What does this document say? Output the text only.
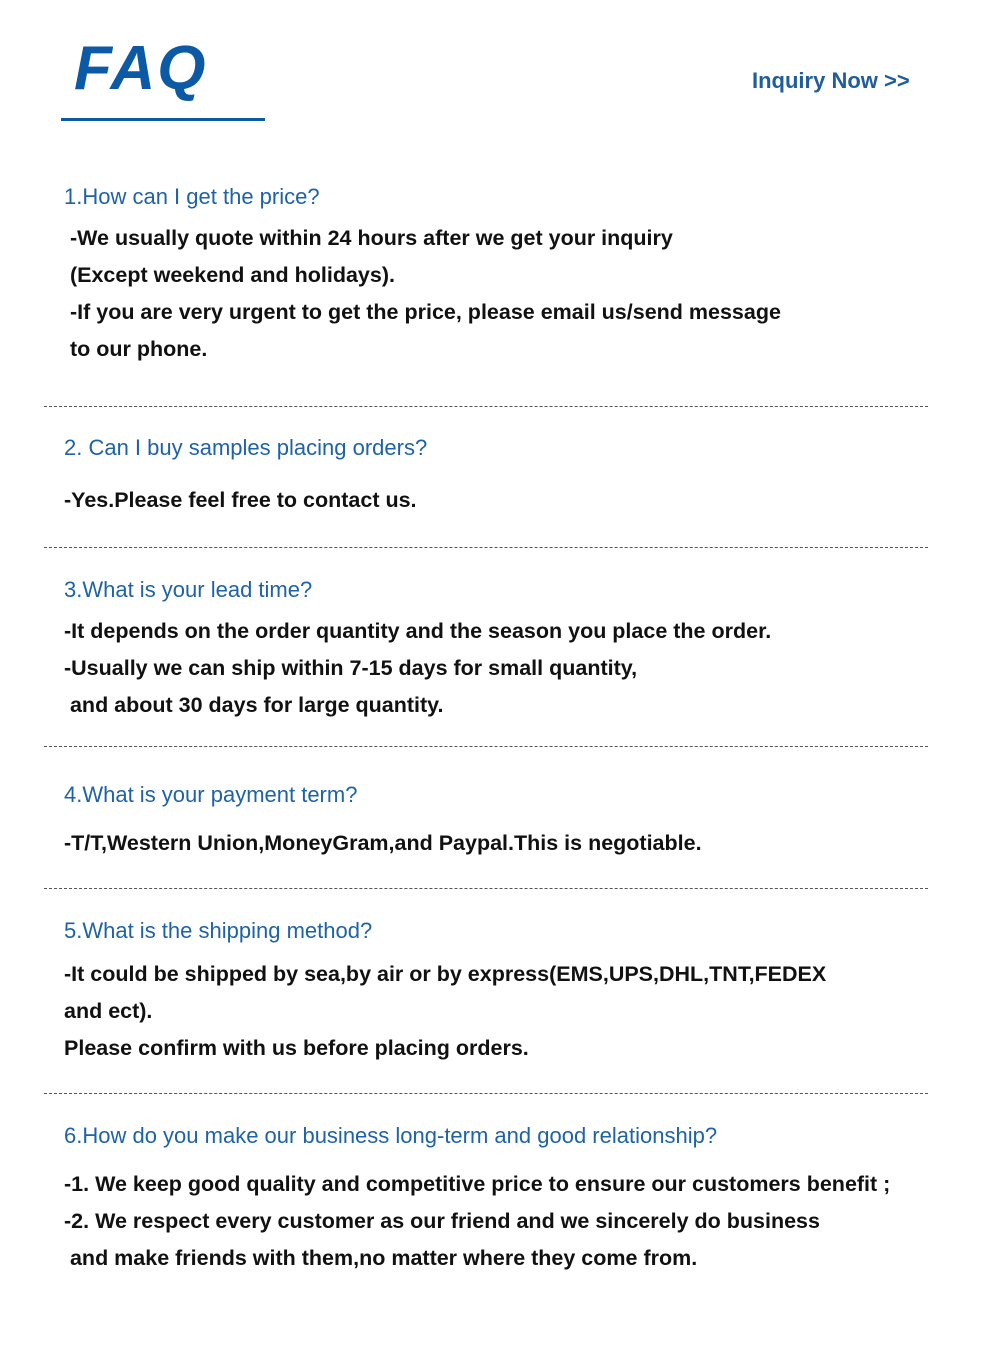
FAQ	Inquiry Now >>
1.How can I get the price?
-We usually quote within 24 hours after we get your inquiry
(Except weekend and holidays).
-If you are very urgent to get the price, please email us/send message
to our phone.
2. Can I buy samples placing orders?
-Yes.Please feel free to contact us.
3.What is your lead time?
-It depends on the order quantity and the season you place the order.
-Usually we can ship within 7-15 days for small quantity,
and about 30 days for large quantity.
4.What is your payment term?
-T/T,Western Union,MoneyGram,and Paypal.This is negotiable.
5.What is the shipping method?
-It could be shipped by sea,by air or by express(EMS,UPS,DHL,TNT,FEDEX
and ect).
Please confirm with us before placing orders.
6.How do you make our business long-term and good relationship?
-1. We keep good quality and competitive price to ensure our customers benefit ;
-2. We respect every customer as our friend and we sincerely do business
and make friends with them,no matter where they come from.
